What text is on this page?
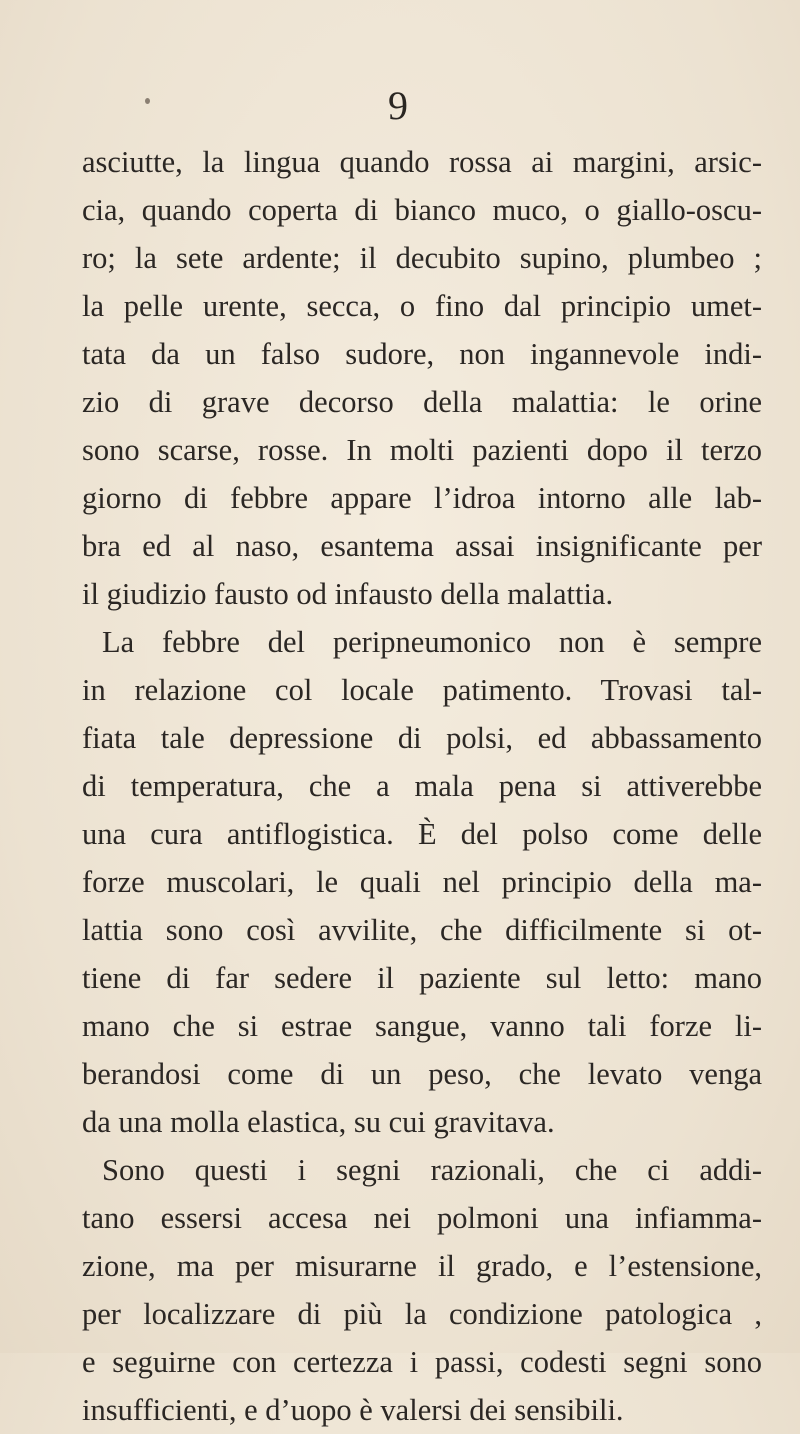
9
asciutte, la lingua quando rossa ai margini, arsic-
cia, quando coperta di bianco muco, o giallo-oscu-
ro; la sete ardente; il decubito supino, plumbeo ;
la pelle urente, secca, o fino dal principio umet-
tata da un falso sudore, non ingannevole indi-
zio di grave decorso della malattia: le orine
sono scarse, rosse. In molti pazienti dopo il terzo
giorno di febbre appare l’idroa intorno alle lab-
bra ed al naso, esantema assai insignificante per
il giudizio fausto od infausto della malattia.
La febbre del peripneumonico non è sempre
in relazione col locale patimento. Trovasi tal-
fiata tale depressione di polsi, ed abbassamento
di temperatura, che a mala pena si attiverebbe
una cura antiflogistica. È del polso come delle
forze muscolari, le quali nel principio della ma-
lattia sono così avvilite, che difficilmente si ot-
tiene di far sedere il paziente sul letto: mano
mano che si estrae sangue, vanno tali forze li-
berandosi come di un peso, che levato venga
da una molla elastica, su cui gravitava.
Sono questi i segni razionali, che ci addi-
tano essersi accesa nei polmoni una infiamma-
zione, ma per misurarne il grado, e l’estensione,
per localizzare di più la condizione patologica ,
e seguirne con certezza i passi, codesti segni sono
insufficienti, e d’uopo è valersi dei sensibili.
